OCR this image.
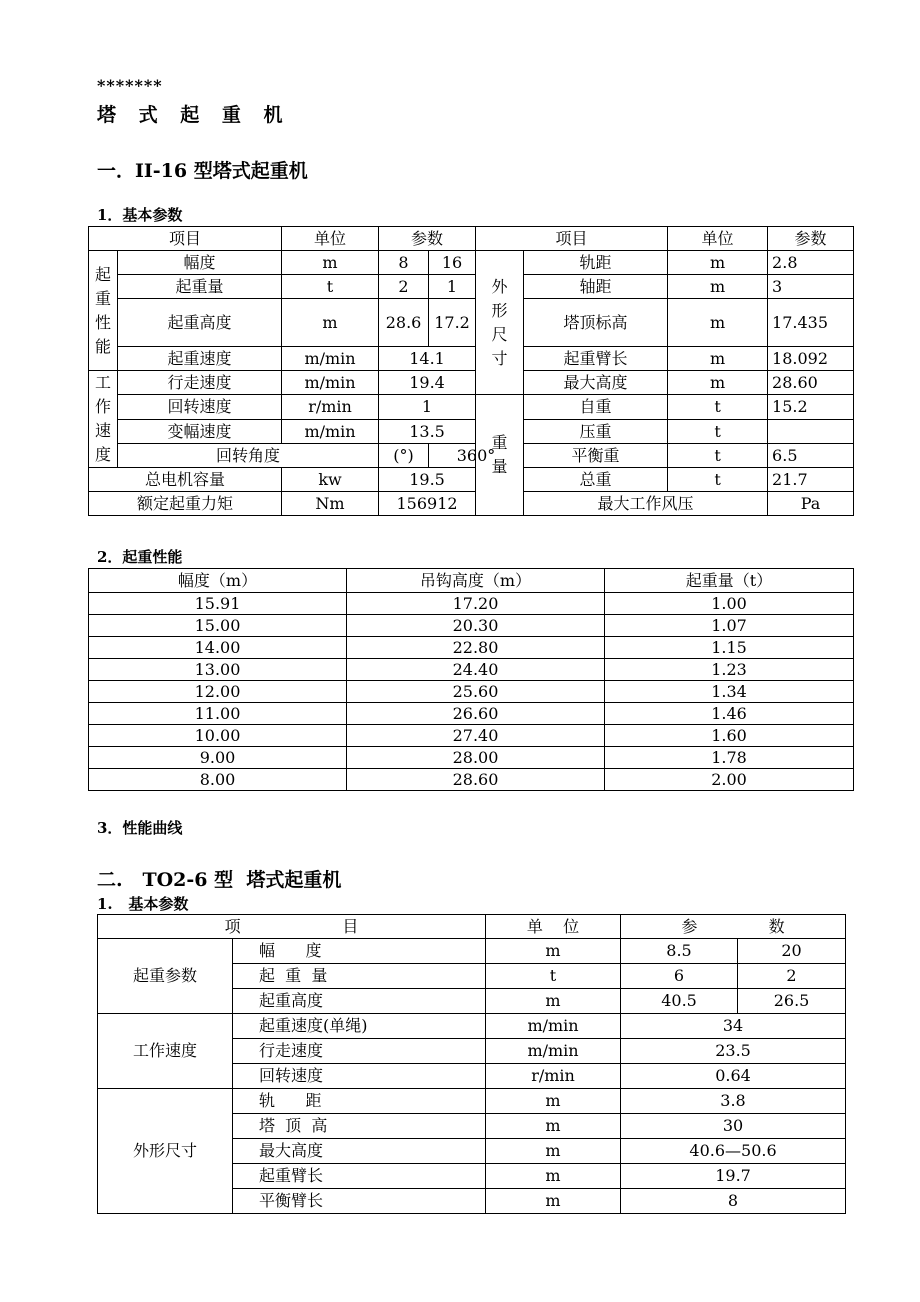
*******
塔 式 起 重 机
一．II-16 型塔式起重机
1．基本参数
项目		单位	参数		项目		单位	参数	
起重性能	幅度	m	8	16	外形尺寸	轨距	m	2.8	
	起重量	t	2	1		轴距	m	3	
	起重高度	m	28.6	17.2		塔顶标高	m	17.435	
	起重速度	m/min	14.1			起重臂长	m	18.092	
工作速度	行走速度	m/min	19.4			最大高度	m	28.60	
	回转速度	r/min	1		重量	自重	t	15.2	
	变幅速度	m/min	13.5			压重	t		
	回转角度		(°)	360°		平衡重	t	6.5	
总电机容量		kw	19.5			总重	t	21.7	
额定起重力矩		Nm	156912			最大工作风压		Pa	
2．起重性能
幅度（m）	吊钩高度（m）	起重量（t）
15.91	17.20	1.00
15.00	20.30	1.07
14.00	22.80	1.15
13.00	24.40	1.23
12.00	25.60	1.34
11.00	26.60	1.46
10.00	27.40	1.60
9.00	28.00	1.78
8.00	28.60	2.00
3．性能曲线
二.   TO2-6 型  塔式起重机
1.   基本参数
项                    目		单    位	参              数	
起重参数	幅      度	m	8.5	20
	起  重  量	t	6	2
	起重高度	m	40.5	26.5
工作速度	起重速度(单绳)	m/min	34	
	行走速度	m/min	23.5	
	回转速度	r/min	0.64	
外形尺寸	轨      距	m	3.8	
	塔  顶  高	m	30	
	最大高度	m	40.6—50.6	
	起重臂长	m	19.7	
	平衡臂长	m	8	
